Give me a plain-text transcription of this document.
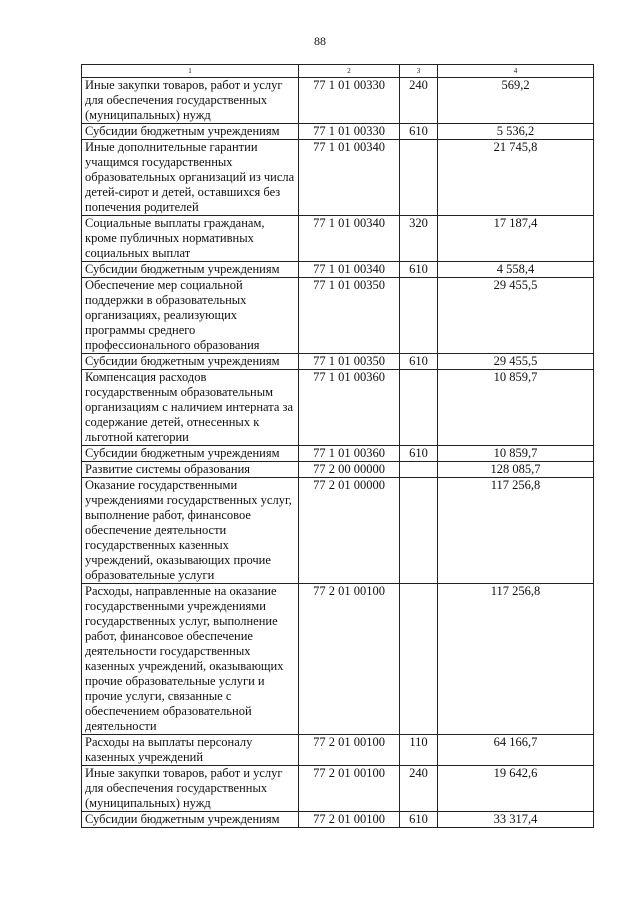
88
1	2	3	4
Иные закупки товаров, работ и услуг для обеспечения государственных (муниципальных) нужд	77 1 01 00330	240	569,2
Субсидии бюджетным учреждениям	77 1 01 00330	610	5 536,2
Иные дополнительные гарантии учащимся государственных образовательных организаций из числа детей-сирот и детей, оставшихся без попечения родителей	77 1 01 00340		21 745,8
Социальные выплаты гражданам, кроме публичных нормативных социальных выплат	77 1 01 00340	320	17 187,4
Субсидии бюджетным учреждениям	77 1 01 00340	610	4 558,4
Обеспечение мер социальной поддержки в образовательных организациях, реализующих программы среднего профессионального образования	77 1 01 00350		29 455,5
Субсидии бюджетным учреждениям	77 1 01 00350	610	29 455,5
Компенсация расходов государственным образовательным организациям с наличием интерната за содержание детей, отнесенных к льготной категории	77 1 01 00360		10 859,7
Субсидии бюджетным учреждениям	77 1 01 00360	610	10 859,7
Развитие системы образования	77 2 00 00000		128 085,7
Оказание государственными учреждениями государственных услуг, выполнение работ, финансовое обеспечение деятельности государственных казенных учреждений, оказывающих прочие образовательные услуги	77 2 01 00000		117 256,8
Расходы, направленные на оказание государственными учреждениями государственных услуг, выполнение работ, финансовое обеспечение деятельности государственных казенных учреждений, оказывающих прочие образовательные услуги и прочие услуги, связанные с обеспечением образовательной деятельности	77 2 01 00100		117 256,8
Расходы на выплаты персоналу казенных учреждений	77 2 01 00100	110	64 166,7
Иные закупки товаров, работ и услуг для обеспечения государственных (муниципальных) нужд	77 2 01 00100	240	19 642,6
Субсидии бюджетным учреждениям	77 2 01 00100	610	33 317,4
